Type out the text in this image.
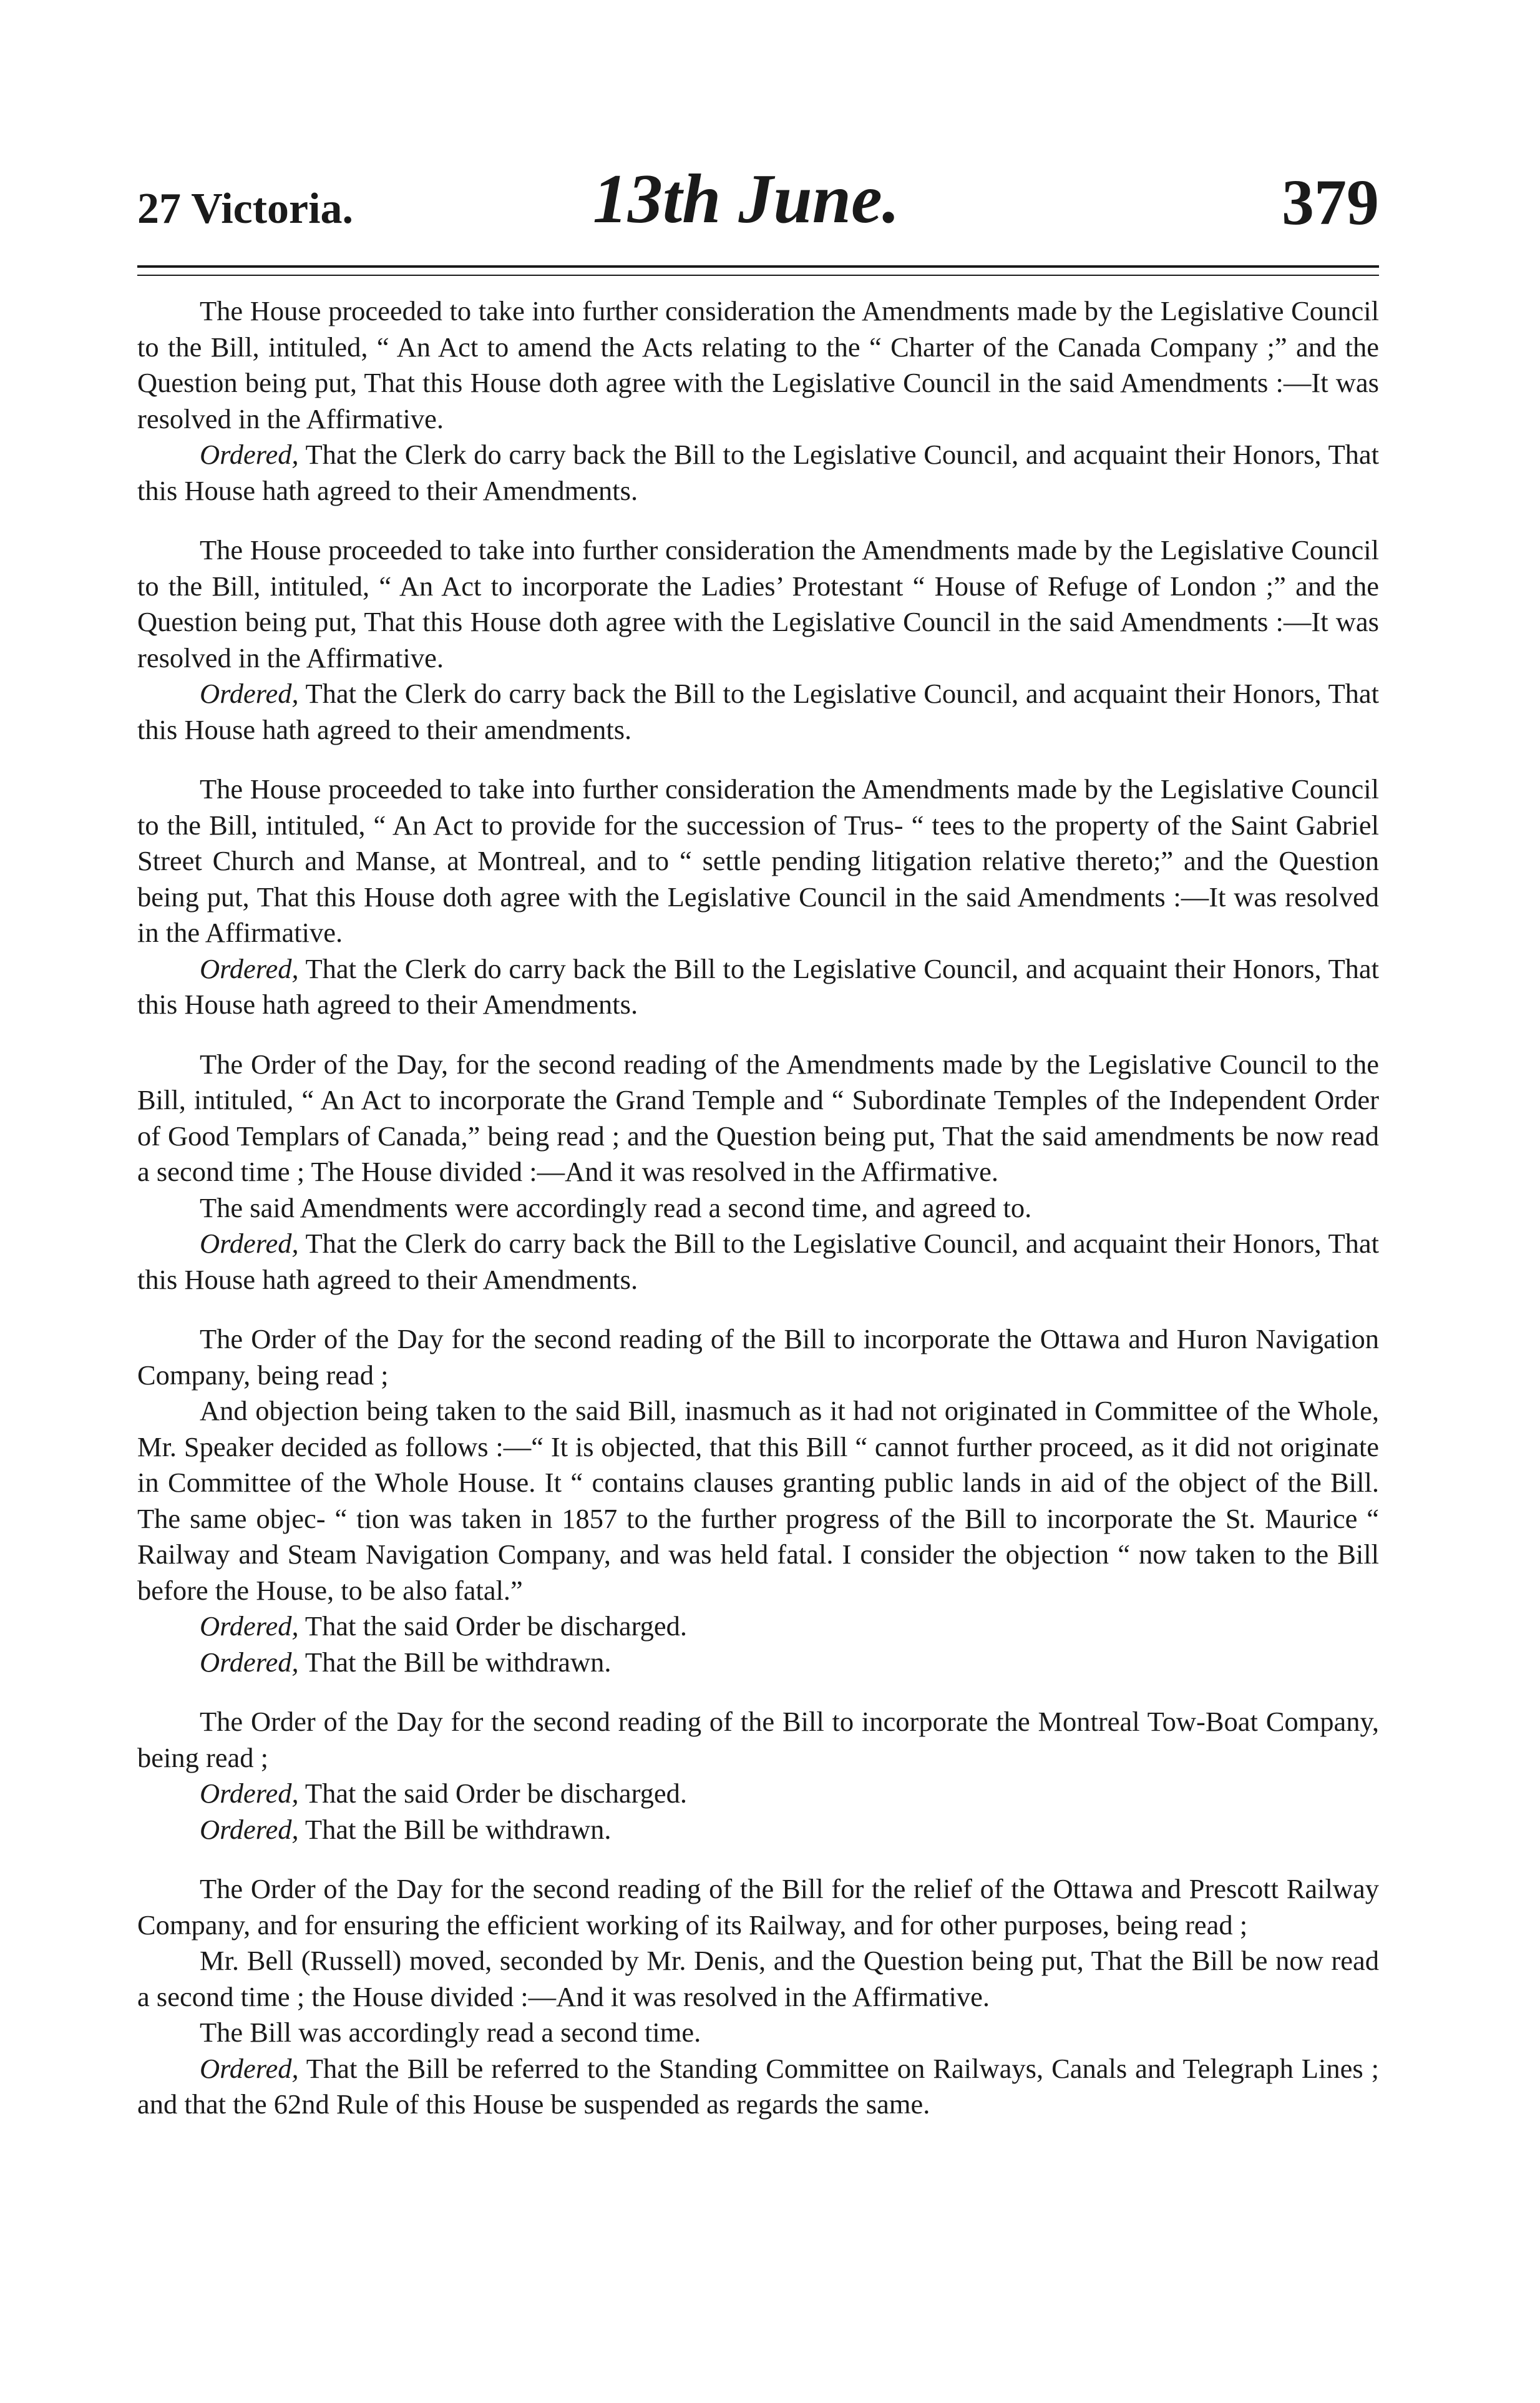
27 Victoria.	13th June.	379

The House proceeded to take into further consideration the Amendments made by the Legislative Council to the Bill, intituled, “ An Act to amend the Acts relating to the “ Charter of the Canada Company ;” and the Question being put, That this House doth agree with the Legislative Council in the said Amendments :—It was resolved in the Affirmative.

Ordered, That the Clerk do carry back the Bill to the Legislative Council, and acquaint their Honors, That this House hath agreed to their Amendments.

The House proceeded to take into further consideration the Amendments made by the Legislative Council to the Bill, intituled, “ An Act to incorporate the Ladies’ Protestant “ House of Refuge of London ;” and the Question being put, That this House doth agree with the Legislative Council in the said Amendments :—It was resolved in the Affirmative.

Ordered, That the Clerk do carry back the Bill to the Legislative Council, and acquaint their Honors, That this House hath agreed to their amendments.

The House proceeded to take into further consideration the Amendments made by the Legislative Council to the Bill, intituled, “ An Act to provide for the succession of Trus- “ tees to the property of the Saint Gabriel Street Church and Manse, at Montreal, and to “ settle pending litigation relative thereto;” and the Question being put, That this House doth agree with the Legislative Council in the said Amendments :—It was resolved in the Affirmative.

Ordered, That the Clerk do carry back the Bill to the Legislative Council, and acquaint their Honors, That this House hath agreed to their Amendments.

The Order of the Day, for the second reading of the Amendments made by the Legislative Council to the Bill, intituled, “ An Act to incorporate the Grand Temple and “ Subordinate Temples of the Independent Order of Good Templars of Canada,” being read ; and the Question being put, That the said amendments be now read a second time ; The House divided :—And it was resolved in the Affirmative.

The said Amendments were accordingly read a second time, and agreed to.

Ordered, That the Clerk do carry back the Bill to the Legislative Council, and acquaint their Honors, That this House hath agreed to their Amendments.

The Order of the Day for the second reading of the Bill to incorporate the Ottawa and Huron Navigation Company, being read ;

And objection being taken to the said Bill, inasmuch as it had not originated in Committee of the Whole, Mr. Speaker decided as follows :—“ It is objected, that this Bill “ cannot further proceed, as it did not originate in Committee of the Whole House. It “ contains clauses granting public lands in aid of the object of the Bill. The same objec- “ tion was taken in 1857 to the further progress of the Bill to incorporate the St. Maurice “ Railway and Steam Navigation Company, and was held fatal. I consider the objection “ now taken to the Bill before the House, to be also fatal.”

Ordered, That the said Order be discharged.

Ordered, That the Bill be withdrawn.

The Order of the Day for the second reading of the Bill to incorporate the Montreal Tow-Boat Company, being read ;

Ordered, That the said Order be discharged.

Ordered, That the Bill be withdrawn.

The Order of the Day for the second reading of the Bill for the relief of the Ottawa and Prescott Railway Company, and for ensuring the efficient working of its Railway, and for other purposes, being read ;

Mr. Bell (Russell) moved, seconded by Mr. Denis, and the Question being put, That the Bill be now read a second time ; the House divided :—And it was resolved in the Affirmative.

The Bill was accordingly read a second time.

Ordered, That the Bill be referred to the Standing Committee on Railways, Canals and Telegraph Lines ; and that the 62nd Rule of this House be suspended as regards the same.
